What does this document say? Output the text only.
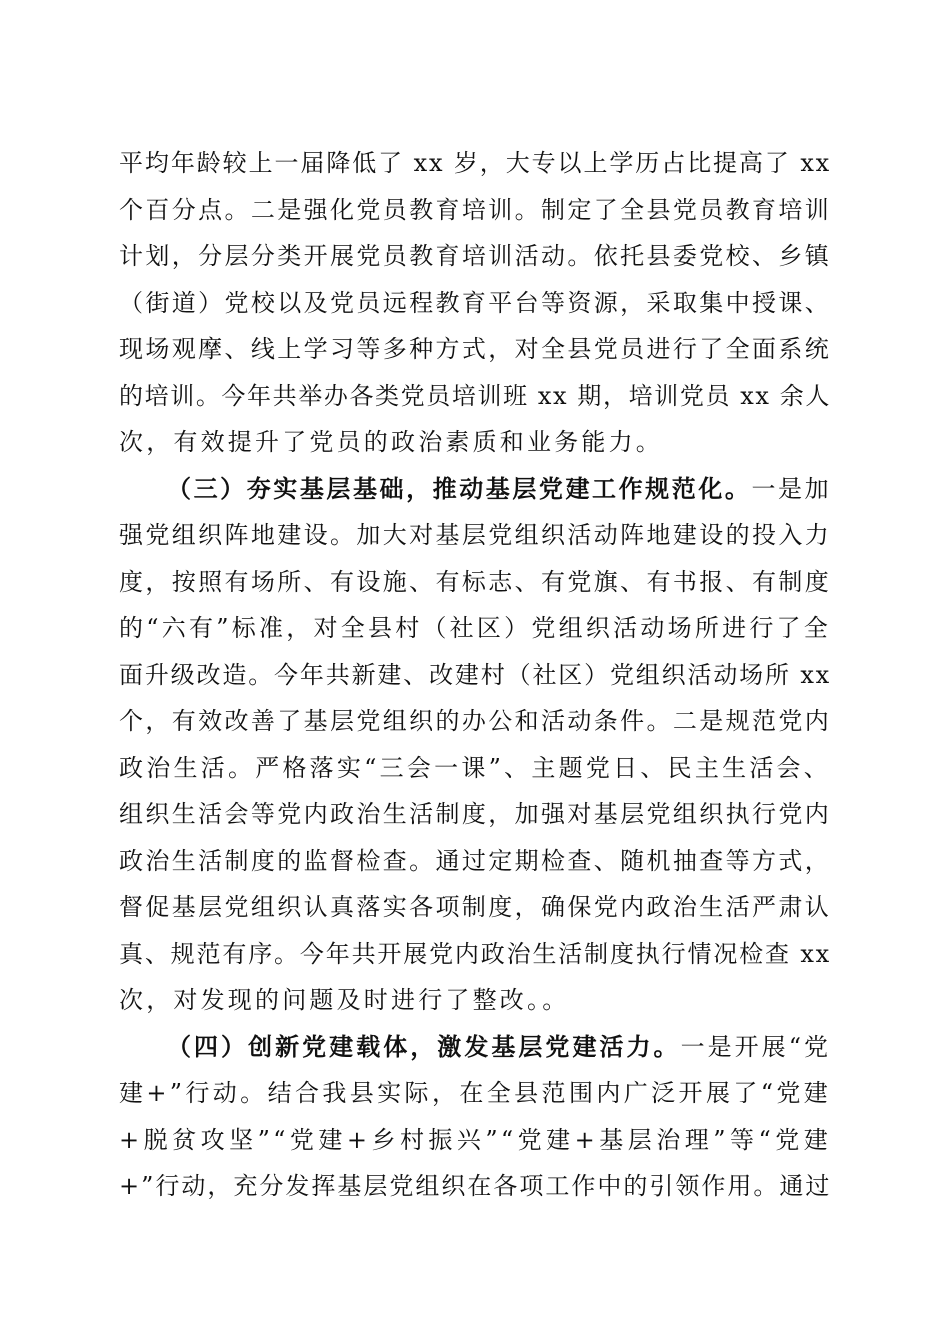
平均年龄较上一届降低了 xx 岁，大专以上学历占比提高了 xx
个百分点。二是强化党员教育培训。制定了全县党员教育培训
计划，分层分类开展党员教育培训活动。依托县委党校、乡镇
（街道）党校以及党员远程教育平台等资源，采取集中授课、
现场观摩、线上学习等多种方式，对全县党员进行了全面系统
的培训。今年共举办各类党员培训班 xx 期，培训党员 xx 余人
次，有效提升了党员的政治素质和业务能力。
（三）夯实基层基础，推动基层党建工作规范化。一是加
强党组织阵地建设。加大对基层党组织活动阵地建设的投入力
度，按照有场所、有设施、有标志、有党旗、有书报、有制度
的“六有”标准，对全县村（社区）党组织活动场所进行了全
面升级改造。今年共新建、改建村（社区）党组织活动场所 xx
个，有效改善了基层党组织的办公和活动条件。二是规范党内
政治生活。严格落实“三会一课”、主题党日、民主生活会、
组织生活会等党内政治生活制度，加强对基层党组织执行党内
政治生活制度的监督检查。通过定期检查、随机抽查等方式，
督促基层党组织认真落实各项制度，确保党内政治生活严肃认
真、规范有序。今年共开展党内政治生活制度执行情况检查 xx
次，对发现的问题及时进行了整改。。
（四）创新党建载体，激发基层党建活力。一是开展“党
建+”行动。结合我县实际，在全县范围内广泛开展了“党建
+脱贫攻坚”“党建+乡村振兴”“党建+基层治理”等“党建
+”行动，充分发挥基层党组织在各项工作中的引领作用。通过
